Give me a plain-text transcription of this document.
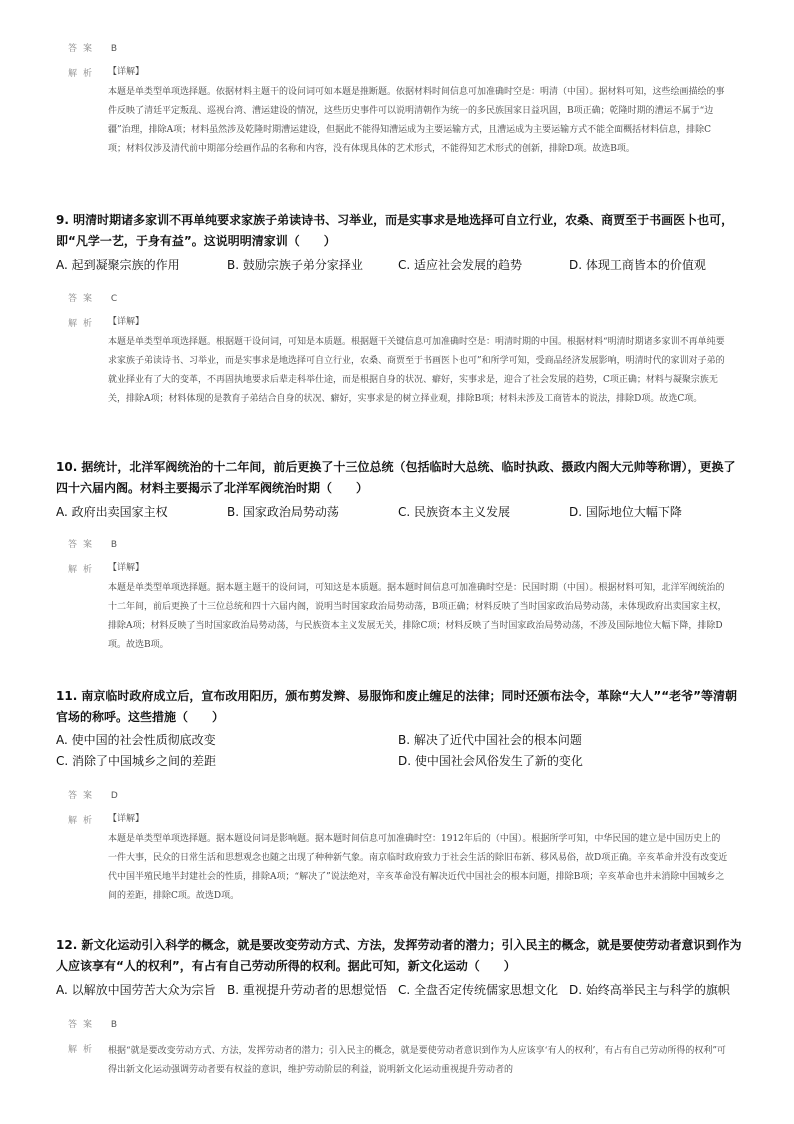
答案 B
解析 【详解】
本题是单类型单项选择题。依据材料主题干的设问词可如本题是推断题。依据材料时间信息可加准确时空是：明清（中国）。据材料可知，这些绘画描绘的事件反映了清廷平定叛乱、巡视台湾、漕运建设的情况，这些历史事件可以说明清朝作为统一的多民族国家日益巩固，B项正确；乾隆时期的漕运不属于“边疆”治理，排除A项；材料虽然涉及乾隆时期漕运建设，但据此不能得知漕运成为主要运输方式，且漕运成为主要运输方式不能全面概括材料信息，排除C项；材料仅涉及清代前中期部分绘画作品的名称和内容，没有体现具体的艺术形式，不能得知艺术形式的创新，排除D项。故选B项。
9. 明清时期诸多家训不再单纯要求家族子弟读诗书、习举业，而是实事求是地选择可自立行业，农桑、商贾至于书画医卜也可，即“凡学一艺，于身有益”。这说明明清家训（　　）
A. 起到凝聚宗族的作用	B. 鼓励宗族子弟分家择业	C. 适应社会发展的趋势	D. 体现工商皆本的价值观
答案 C
解析 【详解】
本题是单类型单项选择题。根据题干设问词，可知是本质题。根据题干关键信息可加准确时空是：明清时期的中国。根据材料“明清时期诸多家训不再单纯要求家族子弟读诗书、习举业，而是实事求是地选择可自立行业，农桑、商贾至于书画医卜也可”和所学可知，受商品经济发展影响，明清时代的家训对子弟的就业择业有了大的变革，不再固执地要求后辈走科举仕途，而是根据自身的状况、癖好，实事求是，迎合了社会发展的趋势，C项正确；材料与凝聚宗族无关，排除A项；材料体现的是教育子弟结合自身的状况、癖好，实事求是的树立择业观，排除B项；材料未涉及工商皆本的说法，排除D项。故选C项。
10. 据统计，北洋军阀统治的十二年间，前后更换了十三位总统（包括临时大总统、临时执政、摄政内阁大元帅等称谓），更换了四十六届内阁。材料主要揭示了北洋军阀统治时期（　　）
A. 政府出卖国家主权	B. 国家政治局势动荡	C. 民族资本主义发展	D. 国际地位大幅下降
答案 B
解析 【详解】
本题是单类型单项选择题。据本题主题干的设问词，可知这是本质题。据本题时间信息可加准确时空是：民国时期（中国）。根据材料可知，北洋军阀统治的十二年间，前后更换了十三位总统和四十六届内阁，说明当时国家政治局势动荡，B项正确；材料反映了当时国家政治局势动荡，未体现政府出卖国家主权，排除A项；材料反映了当时国家政治局势动荡，与民族资本主义发展无关，排除C项；材料反映了当时国家政治局势动荡，不涉及国际地位大幅下降，排除D项。故选B项。
11. 南京临时政府成立后，宣布改用阳历，颁布剪发辫、易服饰和废止缠足的法律；同时还颁布法令，革除“大人”“老爷”等清朝官场的称呼。这些措施（　　）
A. 使中国的社会性质彻底改变	B. 解决了近代中国社会的根本问题
C. 消除了中国城乡之间的差距	D. 使中国社会风俗发生了新的变化
答案 D
解析 【详解】
本题是单类型单项选择题。据本题设问词是影响题。据本题时间信息可加准确时空：1912年后的（中国）。根据所学可知，中华民国的建立是中国历史上的一件大事，民众的日常生活和思想观念也随之出现了种种新气象。南京临时政府致力于社会生活的除旧布新、移风易俗，故D项正确。辛亥革命并没有改变近代中国半殖民地半封建社会的性质，排除A项；“解决了”说法绝对，辛亥革命没有解决近代中国社会的根本问题，排除B项；辛亥革命也并未消除中国城乡之间的差距，排除C项。故选D项。
12. 新文化运动引入科学的概念，就是要改变劳动方式、方法，发挥劳动者的潜力；引入民主的概念，就是要使劳动者意识到作为人应该享有“人的权利”，有占有自己劳动所得的权利。据此可知，新文化运动（　　）
A. 以解放中国劳苦大众为宗旨 B. 重视提升劳动者的思想觉悟 C. 全盘否定传统儒家思想文化 D. 始终高举民主与科学的旗帜
答案 B
解析 根据“就是要改变劳动方式、方法，发挥劳动者的潜力；引入民主的概念，就是要使劳动者意识到作为人应该享‘有人的权利’，有占有自己劳动所得的权利”可得出新文化运动强调劳动者要有权益的意识，维护劳动阶层的利益，说明新文化运动重视提升劳动者的
